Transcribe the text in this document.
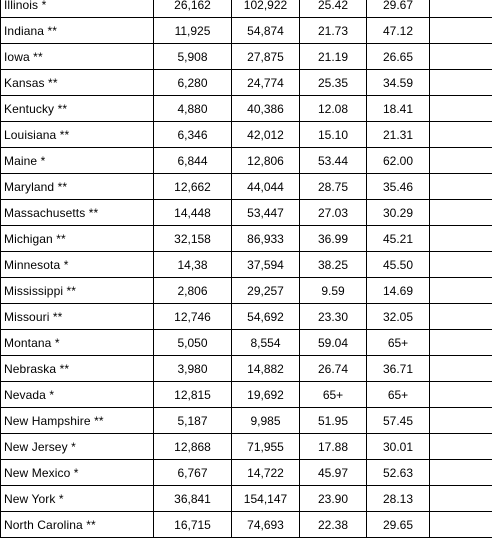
Illinois *	26,162	102,922	25.42	29.67	
Indiana **	11,925	54,874	21.73	47.12	
Iowa **	5,908	27,875	21.19	26.65	
Kansas **	6,280	24,774	25.35	34.59	
Kentucky **	4,880	40,386	12.08	18.41	
Louisiana **	6,346	42,012	15.10	21.31	
Maine *	6,844	12,806	53.44	62.00	
Maryland **	12,662	44,044	28.75	35.46	
Massachusetts **	14,448	53,447	27.03	30.29	
Michigan **	32,158	86,933	36.99	45.21	
Minnesota *	14,38	37,594	38.25	45.50	
Mississippi **	2,806	29,257	9.59	14.69	
Missouri **	12,746	54,692	23.30	32.05	
Montana *	5,050	8,554	59.04	65+	
Nebraska **	3,980	14,882	26.74	36.71	
Nevada *	12,815	19,692	65+	65+	
New Hampshire **	5,187	9,985	51.95	57.45	
New Jersey *	12,868	71,955	17.88	30.01	
New Mexico *	6,767	14,722	45.97	52.63	
New York *	36,841	154,147	23.90	28.13	
North Carolina **	16,715	74,693	22.38	29.65	
